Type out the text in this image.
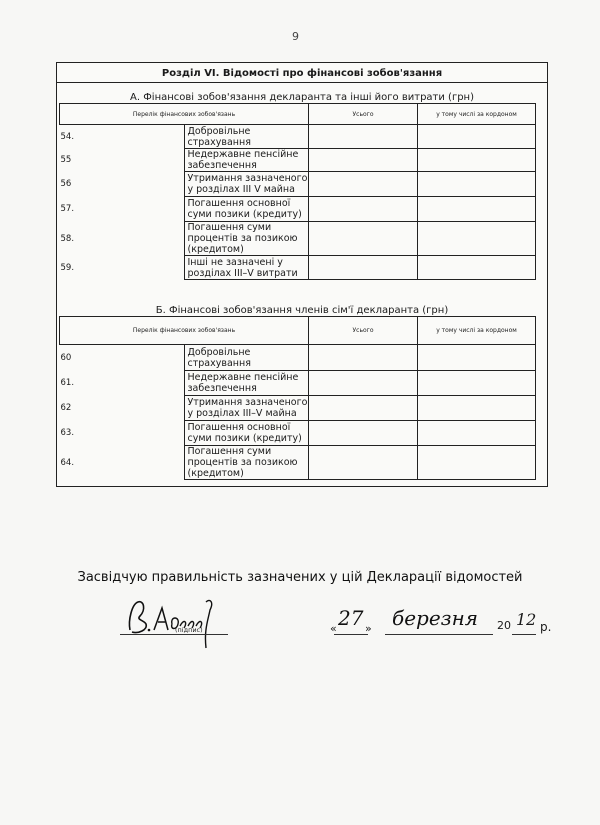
9
Розділ VI. Відомості про фінансові зобов'язання
А. Фінансові зобов'язання декларанта та інші його витрати (грн)
Перелік фінансових зобов'язань		Усього	у тому числі за кордоном
54.	Добровільне страхування		
55	Недержавне пенсійне забезпечення		
56	Утримання зазначеного у розділах III V майна		
57.	Погашення основної суми позики (кредиту)		
58.	Погашення суми процентів за позикою (кредитом)		
59.	Інші не зазначені у розділах III–V витрати		
Б. Фінансові зобов'язання членів сім'ї декларанта (грн)
Перелік фінансових зобов'язань		Усього	у тому числі за кордоном
60	Добровільне страхування		
61.	Недержавне пенсійне забезпечення		
62	Утримання зазначеного у розділах III–V майна		
63.	Погашення основної суми позики (кредиту)		
64.	Погашення суми процентів за позикою (кредитом)		
Засвідчую правильність зазначених у цій Декларації відомостей
(підпис)	« 27 » березня 20 12 р.
